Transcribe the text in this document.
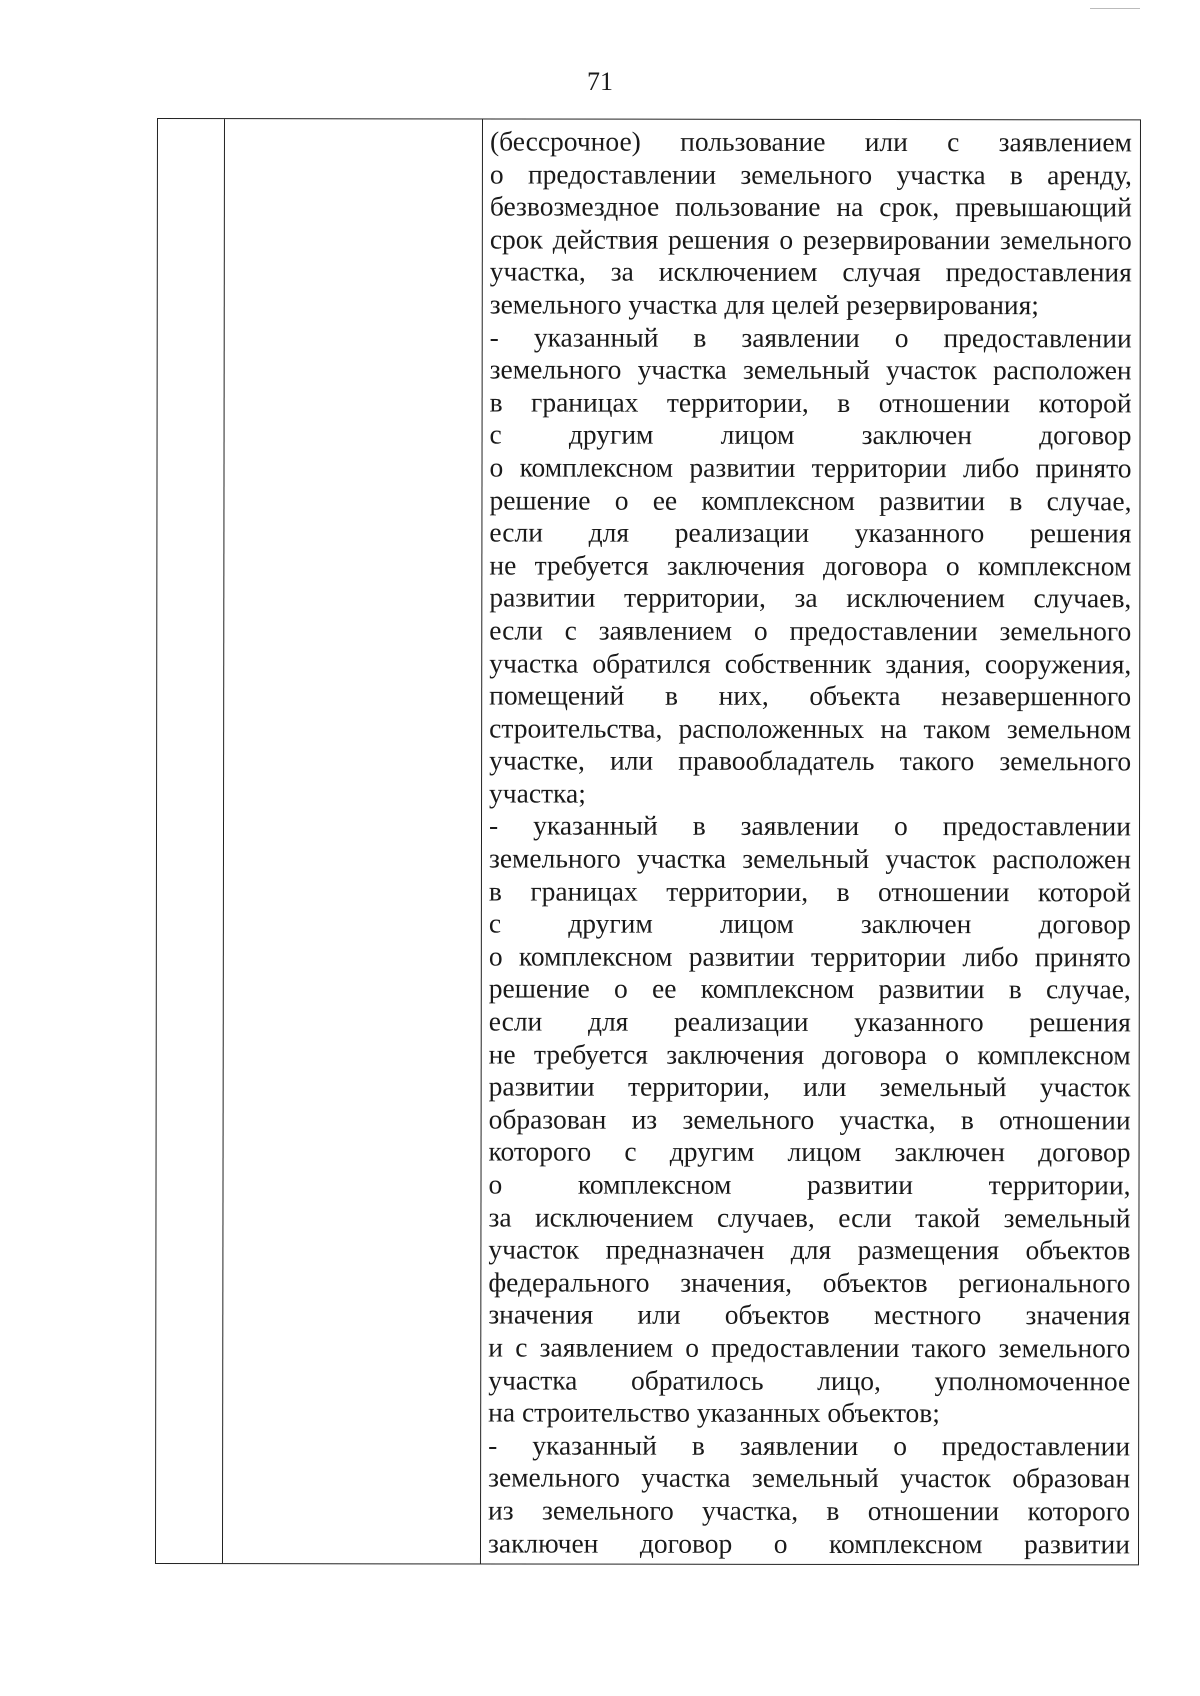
71
(бессрочное) пользование или с заявлением
о предоставлении земельного участка в аренду,
безвозмездное пользование на срок, превышающий
срок действия решения о резервировании земельного
участка, за исключением случая предоставления
земельного участка для целей резервирования;
- указанный в заявлении о предоставлении
земельного участка земельный участок расположен
в границах территории, в отношении которой
с другим лицом заключен договор
о комплексном развитии территории либо принято
решение о ее комплексном развитии в случае,
если для реализации указанного решения
не требуется заключения договора о комплексном
развитии территории, за исключением случаев,
если с заявлением о предоставлении земельного
участка обратился собственник здания, сооружения,
помещений в них, объекта незавершенного
строительства, расположенных на таком земельном
участке, или правообладатель такого земельного
участка;
- указанный в заявлении о предоставлении
земельного участка земельный участок расположен
в границах территории, в отношении которой
с другим лицом заключен договор
о комплексном развитии территории либо принято
решение о ее комплексном развитии в случае,
если для реализации указанного решения
не требуется заключения договора о комплексном
развитии территории, или земельный участок
образован из земельного участка, в отношении
которого с другим лицом заключен договор
о комплексном развитии территории,
за исключением случаев, если такой земельный
участок предназначен для размещения объектов
федерального значения, объектов регионального
значения или объектов местного значения
и с заявлением о предоставлении такого земельного
участка обратилось лицо, уполномоченное
на строительство указанных объектов;
- указанный в заявлении о предоставлении
земельного участка земельный участок образован
из земельного участка, в отношении которого
заключен договор о комплексном развитии
